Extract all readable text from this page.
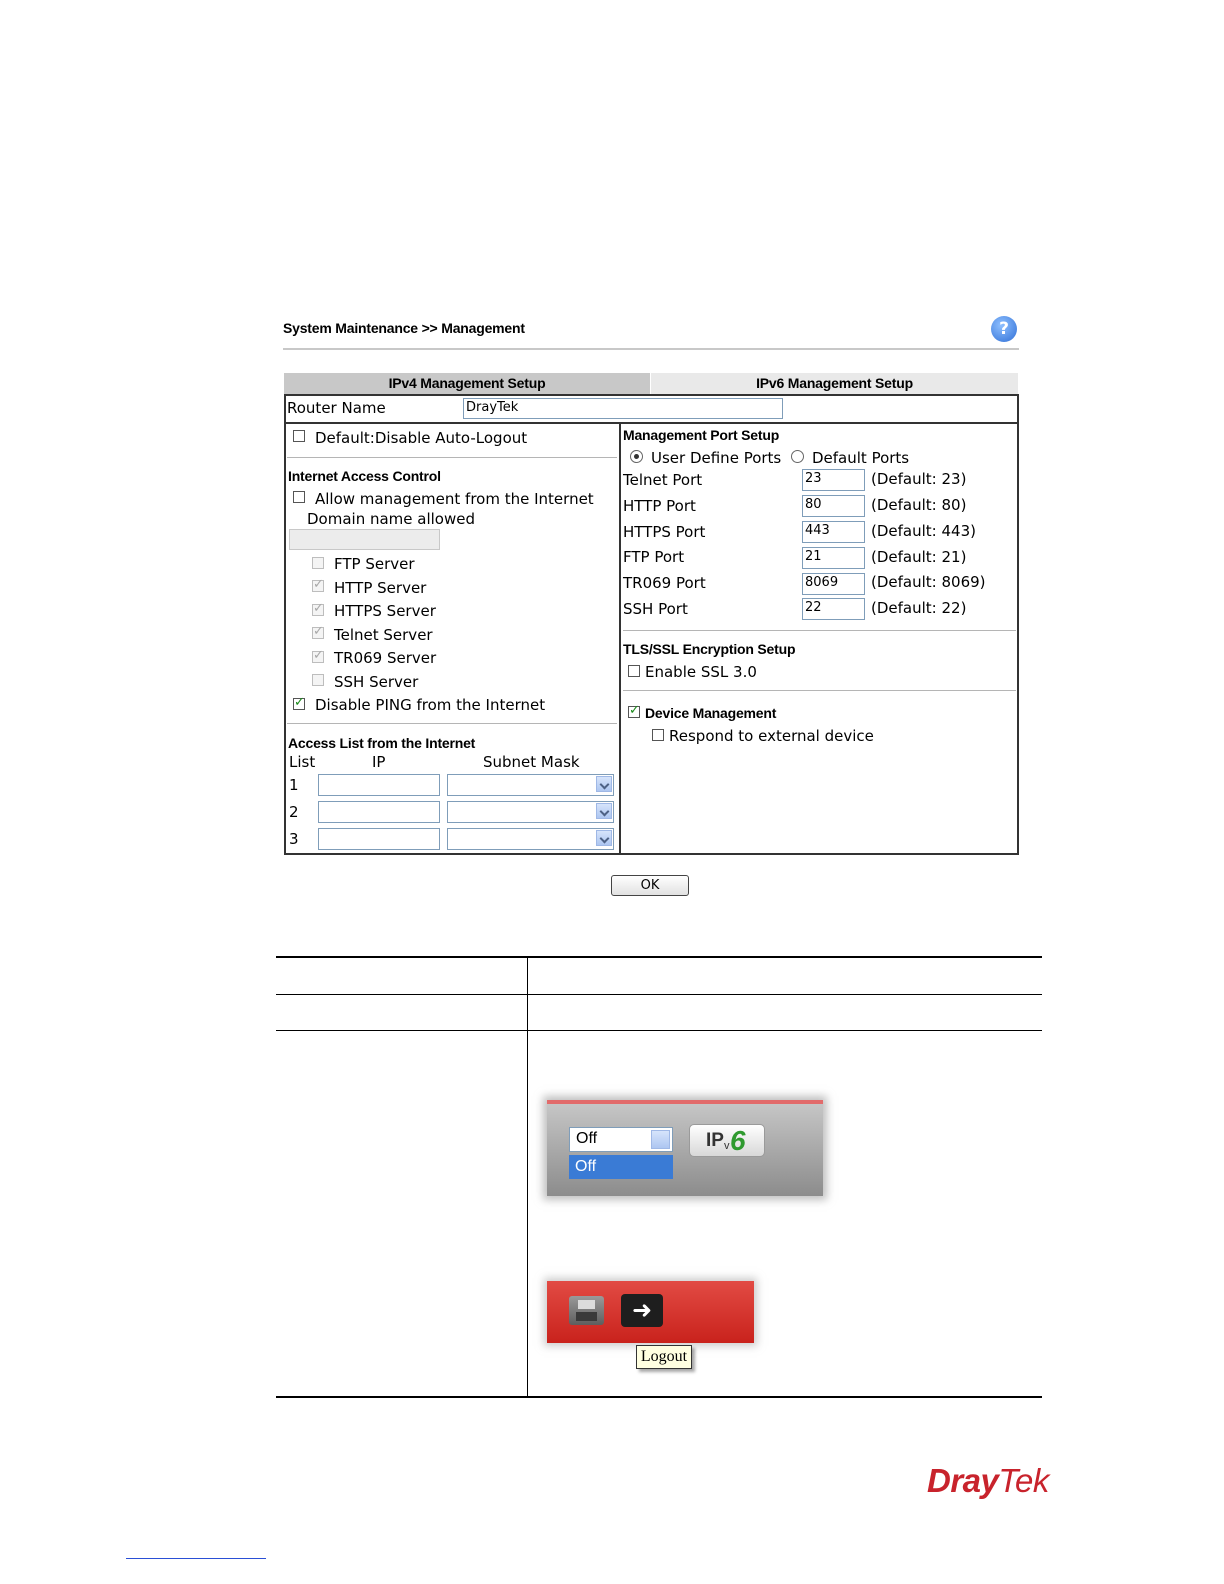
System Maintenance >> Management	?
IPv4 Management Setup	IPv6 Management Setup
Router Name	DrayTek
Default:Disable Auto-Logout
Internet Access Control
Allow management from the Internet
Domain name allowed
FTP Server
✓ HTTP Server
✓ HTTPS Server
✓ Telnet Server
✓ TR069 Server
SSH Server
✓ Disable PING from the Internet
Access List from the Internet
List	IP	Subnet Mask
1
2
3
Management Port Setup
User Define Ports Default Ports
Telnet Port	23	(Default: 23)
HTTP Port	80	(Default: 80)
HTTPS Port	443	(Default: 443)
FTP Port	21	(Default: 21)
TR069 Port	8069	(Default: 8069)
SSH Port	22	(Default: 22)
TLS/SSL Encryption Setup
Enable SSL 3.0
✓ Device Management
Respond to external device
OK
Off
Off
IP v 6
➜
Logout
DrayTek
